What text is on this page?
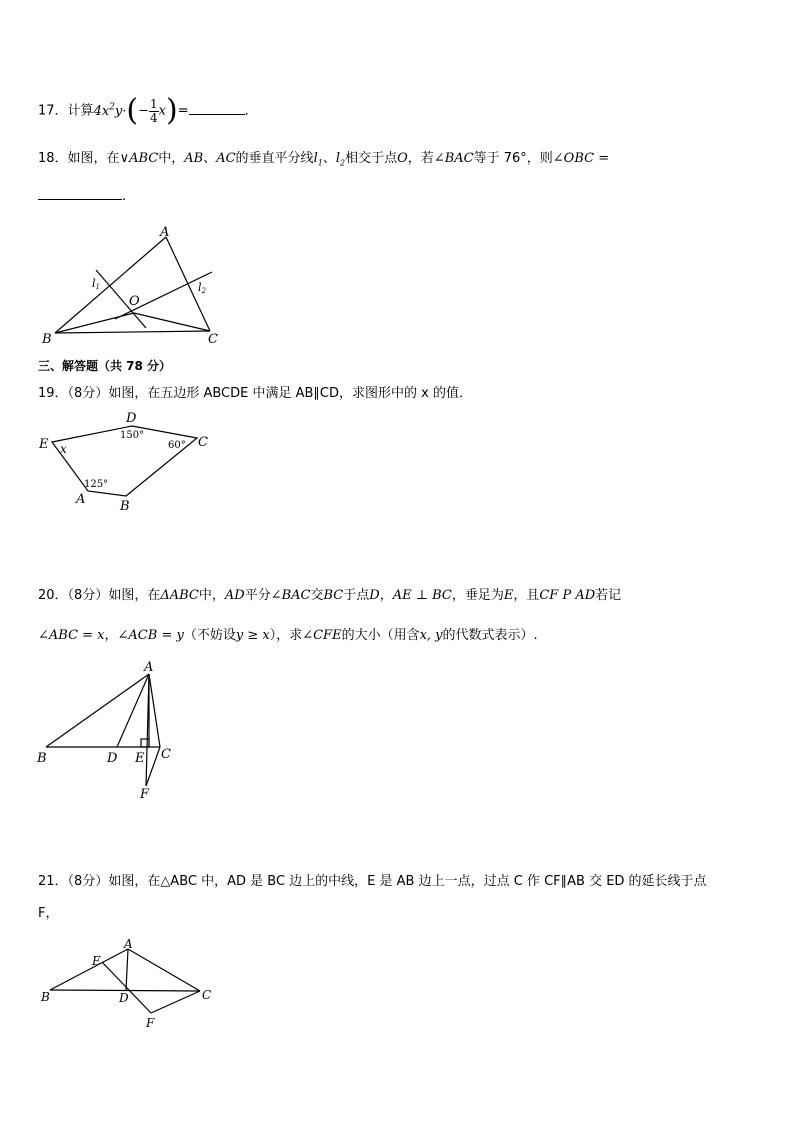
17．计算$4x^2y\cdot(- \frac{1}{4} x)=$	．
18．如图，在∨ABC中，AB、AC的垂直平分线$l_1$、$l_2$相交于点O，若∠BAC等于 76°，则∠OBC =
.
A
B	C
O
l1	l2
三、解答题（共 78 分）
19．（8分）如图，在五边形 ABCDE 中满足 AB∥CD，求图形中的 x 的值．
D
E	C
A	B
x
150°
60°
125°
20．（8分）如图，在ΔABC中，AD平分∠BAC交BC于点D，AE ⊥ BC，垂足为E，且CF P AD若记
∠ABC = x，∠ACB = y（不妨设y ≥ x），求∠CFE的大小（用含x, y的代数式表示）.
A
B	D E C
F
21．（8分）如图，在△ABC 中，AD 是 BC 边上的中线，E 是 AB 边上一点，过点 C 作 CF∥AB 交 ED 的延长线于点
F，
A
E
B	D	C
F
